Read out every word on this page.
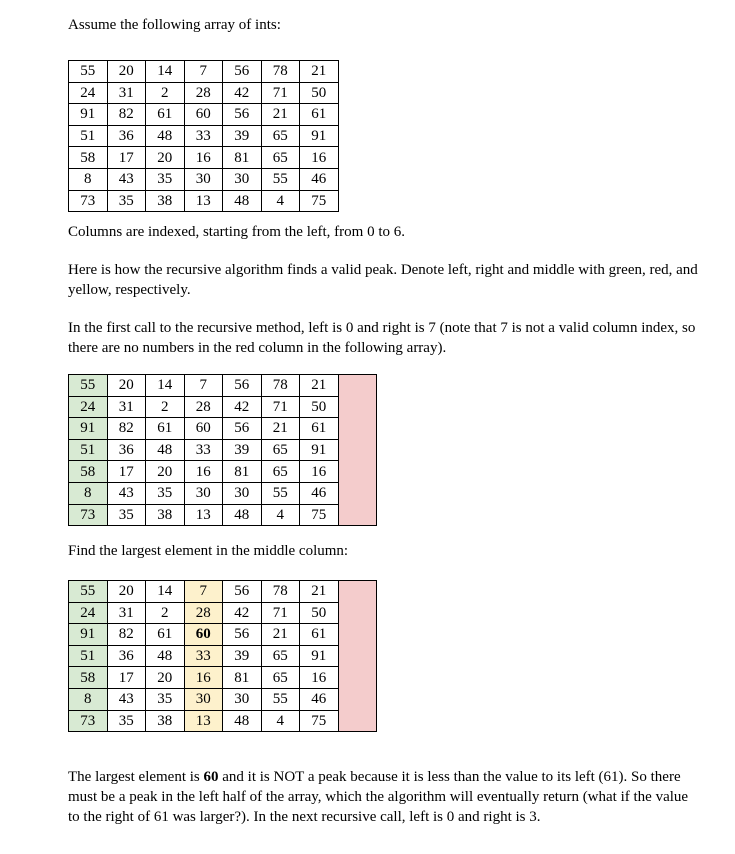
Assume the following array of ints:

55	20	14	7	56	78	21
24	31	2	28	42	71	50
91	82	61	60	56	21	61
51	36	48	33	39	65	91
58	17	20	16	81	65	16
8	43	35	30	30	55	46
73	35	38	13	48	4	75

Columns are indexed, starting from the left, from 0 to 6.

Here is how the recursive algorithm finds a valid peak. Denote left, right and middle with green, red, and yellow, respectively.

In the first call to the recursive method, left is 0 and right is 7 (note that 7 is not a valid column index, so there are no numbers in the red column in the following array).

55	20	14	7	56	78	21	
24	31	2	28	42	71	50	
91	82	61	60	56	21	61	
51	36	48	33	39	65	91	
58	17	20	16	81	65	16	
8	43	35	30	30	55	46	
73	35	38	13	48	4	75	

Find the largest element in the middle column:

55	20	14	7	56	78	21	
24	31	2	28	42	71	50	
91	82	61	60	56	21	61	
51	36	48	33	39	65	91	
58	17	20	16	81	65	16	
8	43	35	30	30	55	46	
73	35	38	13	48	4	75	

The largest element is 60 and it is NOT a peak because it is less than the value to its left (61). So there must be a peak in the left half of the array, which the algorithm will eventually return (what if the value to the right of 61 was larger?). In the next recursive call, left is 0 and right is 3.
